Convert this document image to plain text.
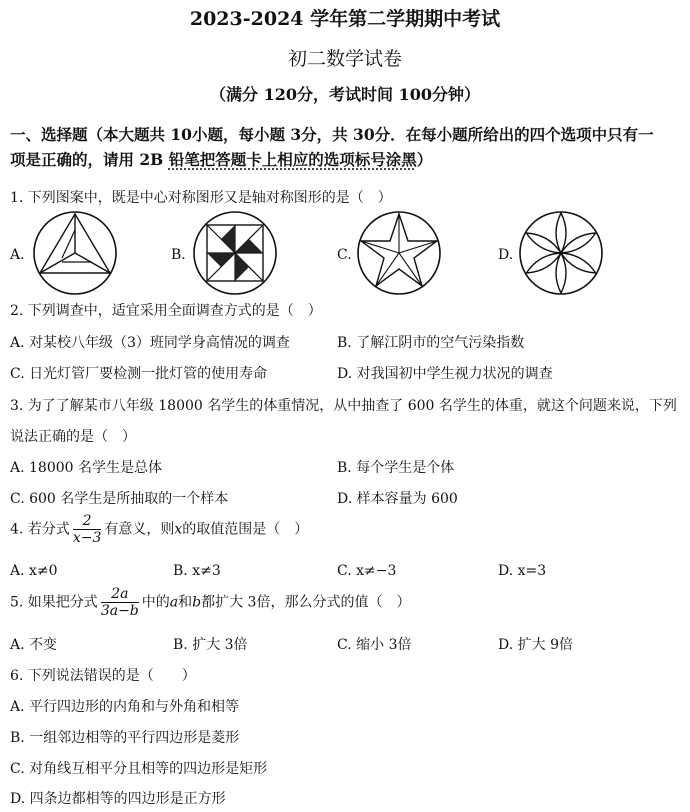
2023-2024 学年第二学期期中考试
初二数学试卷
（满分 120分，考试时间 100分钟）
一、选择题（本大题共 10小题，每小题 3分，共 30分．在每小题所给出的四个选项中只有一
项是正确的，请用 2B 铅笔把答题卡上相应的选项标号涂黑）
1. 下列图案中，既是中心对称图形又是轴对称图形的是（　）
A.	B.	C.	D.
2. 下列调查中，适宜采用全面调查方式的是（　）
A. 对某校八年级（3）班同学身高情况的调查	B. 了解江阴市的空气污染指数
C. 日光灯管厂要检测一批灯管的使用寿命	D. 对我国初中学生视力状况的调查
3. 为了了解某市八年级 18000 名学生的体重情况，从中抽查了 600 名学生的体重，就这个问题来说，下列
说法正确的是（　）
A. 18000 名学生是总体	B. 每个学生是个体
C. 600 名学生是所抽取的一个样本	D. 样本容量为 600
4. 若分式 $\frac{2}{x-3}$ 有意义，则x的取值范围是（　）
A. x≠0	B. x≠3	C. x≠−3	D. x=3
5. 如果把分式 $\frac{2a}{3a-b}$ 中的a和b都扩大 3倍，那么分式的值（　）
A. 不变	B. 扩大 3倍	C. 缩小 3倍	D. 扩大 9倍
6. 下列说法错误的是（　　）
A. 平行四边形的内角和与外角和相等
B. 一组邻边相等的平行四边形是菱形
C. 对角线互相平分且相等的四边形是矩形
D. 四条边都相等的四边形是正方形
